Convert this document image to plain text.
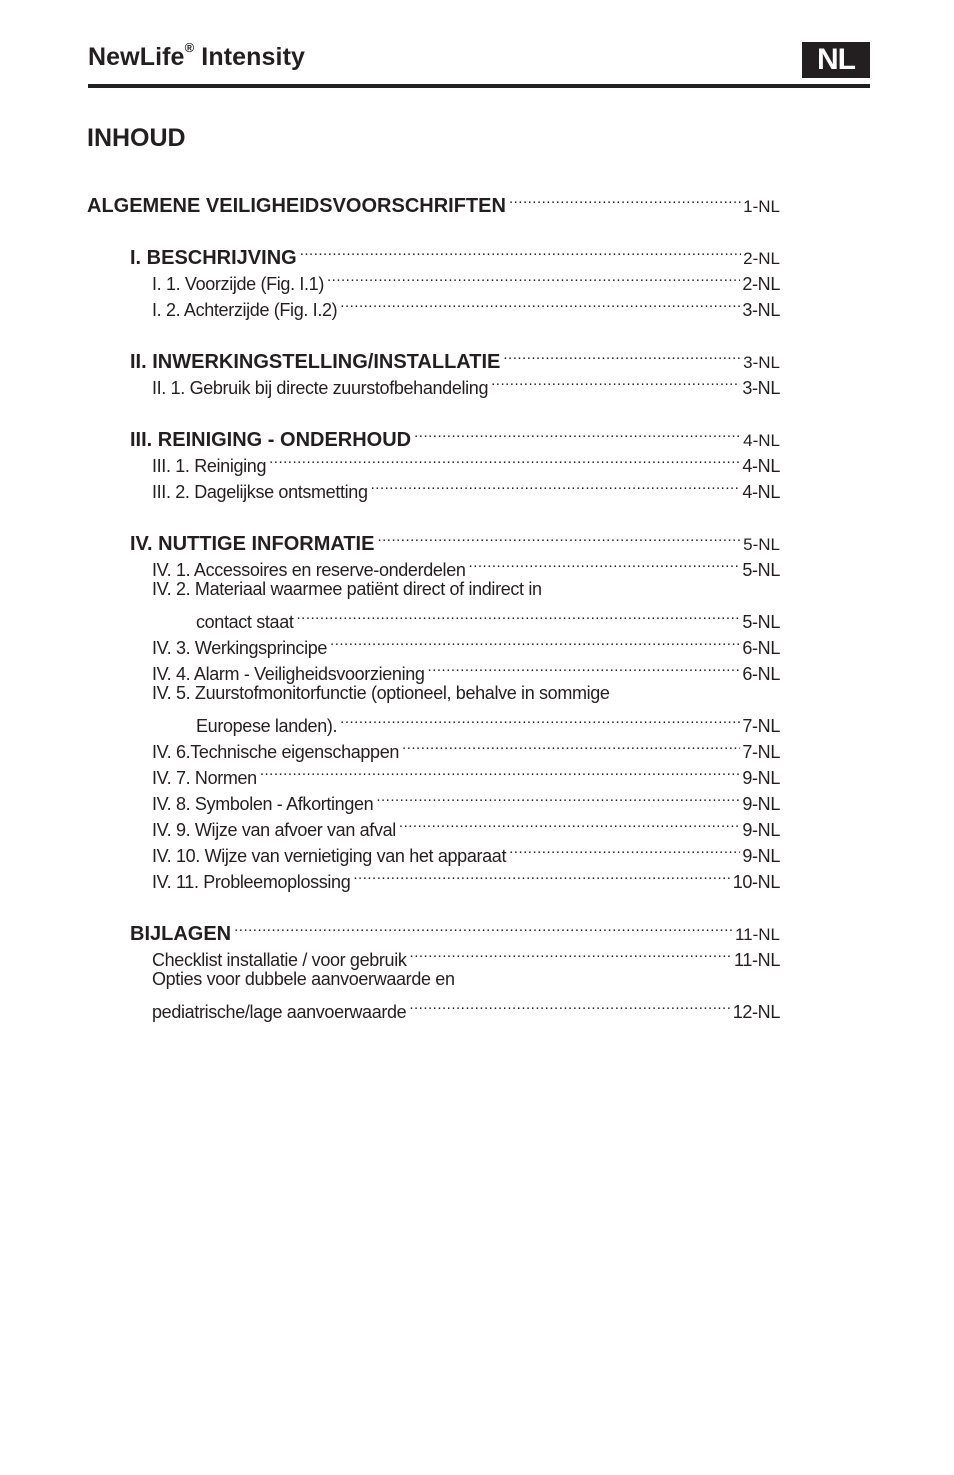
NewLife® Intensity	NL
INHOUD
ALGEMENE VEILIGHEIDSVOORSCHRIFTEN .....	1-NL
I. BESCHRIJVING .....	2-NL
I. 1. Voorzijde (Fig. I.1) .....	2-NL
I. 2. Achterzijde (Fig. I.2) .....	3-NL
II. INWERKINGSTELLING/INSTALLATIE .....	3-NL
II. 1. Gebruik bij directe zuurstofbehandeling .....	3-NL
III. REINIGING - ONDERHOUD .....	4-NL
III. 1. Reiniging .....	4-NL
III. 2. Dagelijkse ontsmetting .....	4-NL
IV. NUTTIGE INFORMATIE .....	5-NL
IV. 1. Accessoires en reserve-onderdelen .....	5-NL
IV. 2. Materiaal waarmee patiënt direct of indirect in
contact staat .....	5-NL
IV. 3. Werkingsprincipe .....	6-NL
IV. 4. Alarm - Veiligheidsvoorziening .....	6-NL
IV. 5. Zuurstofmonitorfunctie (optioneel, behalve in sommige
Europese landen). .....	7-NL
IV. 6.Technische eigenschappen .....	7-NL
IV. 7. Normen .....	9-NL
IV. 8. Symbolen - Afkortingen .....	9-NL
IV. 9. Wijze van afvoer van afval .....	9-NL
IV. 10. Wijze van vernietiging van het apparaat .....	9-NL
IV. 11. Probleemoplossing .....	10-NL
BIJLAGEN .....	11-NL
Checklist installatie / voor gebruik .....	11-NL
Opties voor dubbele aanvoerwaarde en
pediatrische/lage aanvoerwaarde .....	12-NL
